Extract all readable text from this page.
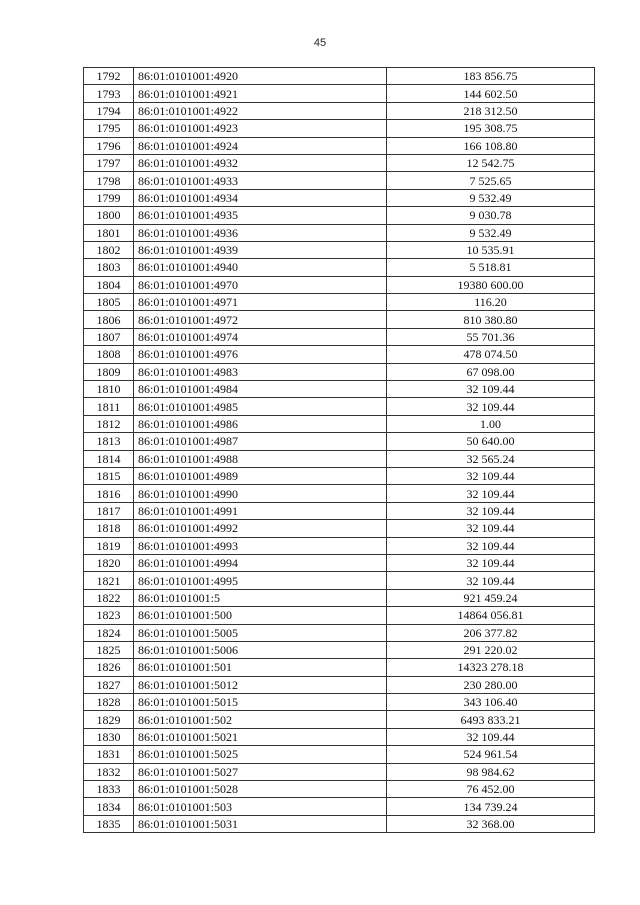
45
1792	86:01:0101001:4920	183 856.75
1793	86:01:0101001:4921	144 602.50
1794	86:01:0101001:4922	218 312.50
1795	86:01:0101001:4923	195 308.75
1796	86:01:0101001:4924	166 108.80
1797	86:01:0101001:4932	12 542.75
1798	86:01:0101001:4933	7 525.65
1799	86:01:0101001:4934	9 532.49
1800	86:01:0101001:4935	9 030.78
1801	86:01:0101001:4936	9 532.49
1802	86:01:0101001:4939	10 535.91
1803	86:01:0101001:4940	5 518.81
1804	86:01:0101001:4970	19380 600.00
1805	86:01:0101001:4971	116.20
1806	86:01:0101001:4972	810 380.80
1807	86:01:0101001:4974	55 701.36
1808	86:01:0101001:4976	478 074.50
1809	86:01:0101001:4983	67 098.00
1810	86:01:0101001:4984	32 109.44
1811	86:01:0101001:4985	32 109.44
1812	86:01:0101001:4986	1.00
1813	86:01:0101001:4987	50 640.00
1814	86:01:0101001:4988	32 565.24
1815	86:01:0101001:4989	32 109.44
1816	86:01:0101001:4990	32 109.44
1817	86:01:0101001:4991	32 109.44
1818	86:01:0101001:4992	32 109.44
1819	86:01:0101001:4993	32 109.44
1820	86:01:0101001:4994	32 109.44
1821	86:01:0101001:4995	32 109.44
1822	86:01:0101001:5	921 459.24
1823	86:01:0101001:500	14864 056.81
1824	86:01:0101001:5005	206 377.82
1825	86:01:0101001:5006	291 220.02
1826	86:01:0101001:501	14323 278.18
1827	86:01:0101001:5012	230 280.00
1828	86:01:0101001:5015	343 106.40
1829	86:01:0101001:502	6493 833.21
1830	86:01:0101001:5021	32 109.44
1831	86:01:0101001:5025	524 961.54
1832	86:01:0101001:5027	98 984.62
1833	86:01:0101001:5028	76 452.00
1834	86:01:0101001:503	134 739.24
1835	86:01:0101001:5031	32 368.00
